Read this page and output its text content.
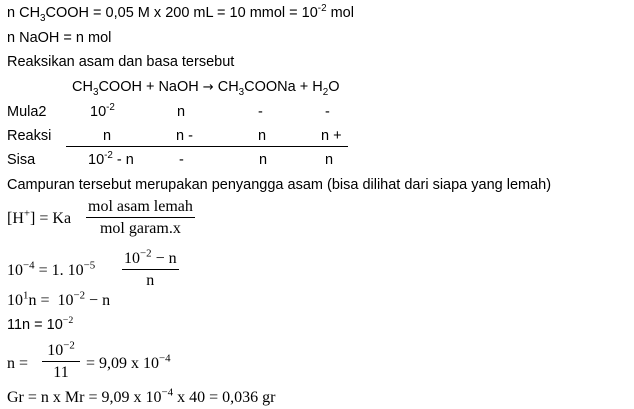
n $CH_3COOH = 0,05$ M x 200 mL = 10 mmol = $10^{-2}$ mol
n NaOH = n mol
Reaksikan asam dan basa tersebut
$CH_3COOH$ + NaOH → $CH_3COONa + H_2O$
Mula2	$10^{-2}$	n	-	-
Reaksi	n	n -	n	n +
Sisa	$10^{-2}$ - n	-	n	n
Campuran tersebut merupakan penyangga asam (bisa dilihat dari siapa yang lemah)
[H+] = Ka
mol asam lemah
mol garam.x
$10^{-4} = 1$. $10^{-5} \frac{10^{-2} - n}{n}$
$10^1n = 10^{-2} - n$
$11n = 10^{-2}$
$n = \frac{10^{-2}}{11} = 9,09$ x $10^{-4}$
Gr = n x Mr = 9,09 x $10^{-4}$ x 40 = 0,036 gr
